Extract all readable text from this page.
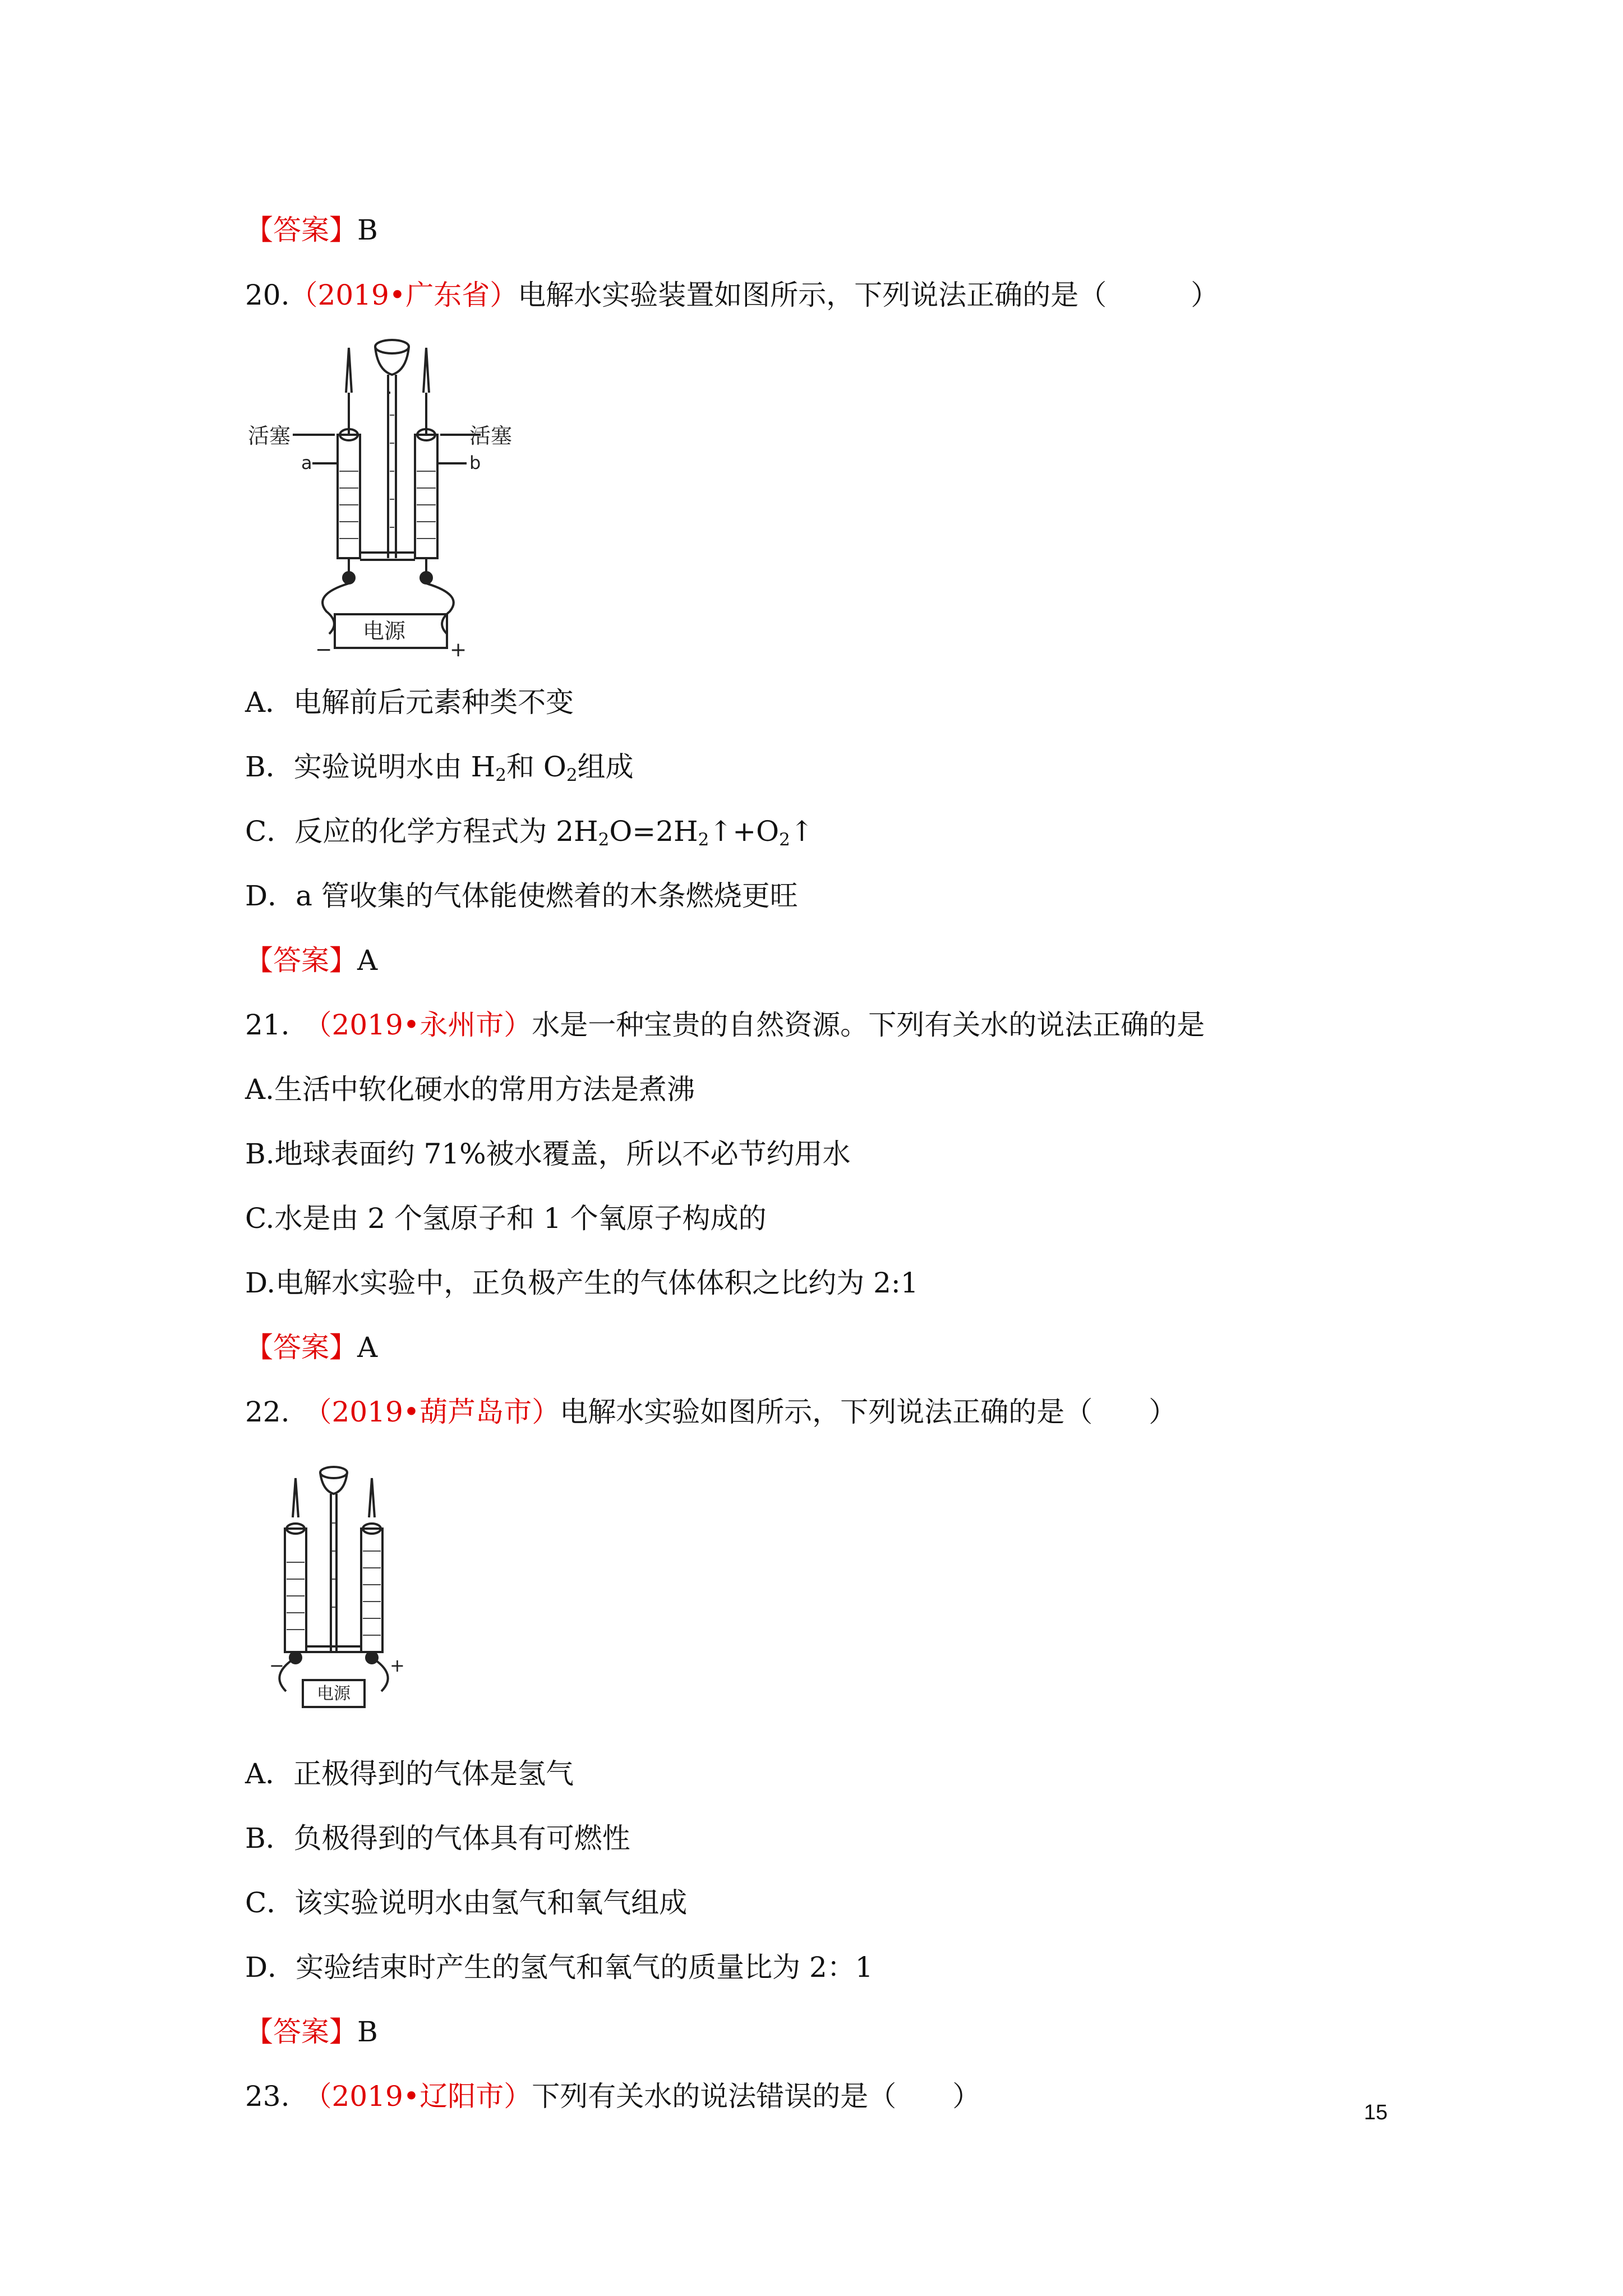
【答案】B
20.（2019•广东省）电解水实验装置如图所示，下列说法正确的是（　　　）
活塞	活塞
a	b
电源
−	+
A．电解前后元素种类不变
B．实验说明水由 $H_2$和 $O_2$组成
C．反应的化学方程式为 $2H_2O=2H_2↑+O_2↑$
D．a 管收集的气体能使燃着的木条燃烧更旺
【答案】A
21.　（2019•永州市）水是一种宝贵的自然资源。下列有关水的说法正确的是
A.生活中软化硬水的常用方法是煮沸
B.地球表面约 71%被水覆盖，所以不必节约用水
C.水是由 2 个氢原子和 1 个氧原子构成的
D.电解水实验中，正负极产生的气体体积之比约为 2:1
【答案】A
22.　（2019•葫芦岛市）电解水实验如图所示，下列说法正确的是（　　）
电源
−	+
A．正极得到的气体是氢气
B．负极得到的气体具有可燃性
C．该实验说明水由氢气和氧气组成
D．实验结束时产生的氢气和氧气的质量比为 2：1
【答案】B
23.　（2019•辽阳市）下列有关水的说法错误的是（　　）	15
